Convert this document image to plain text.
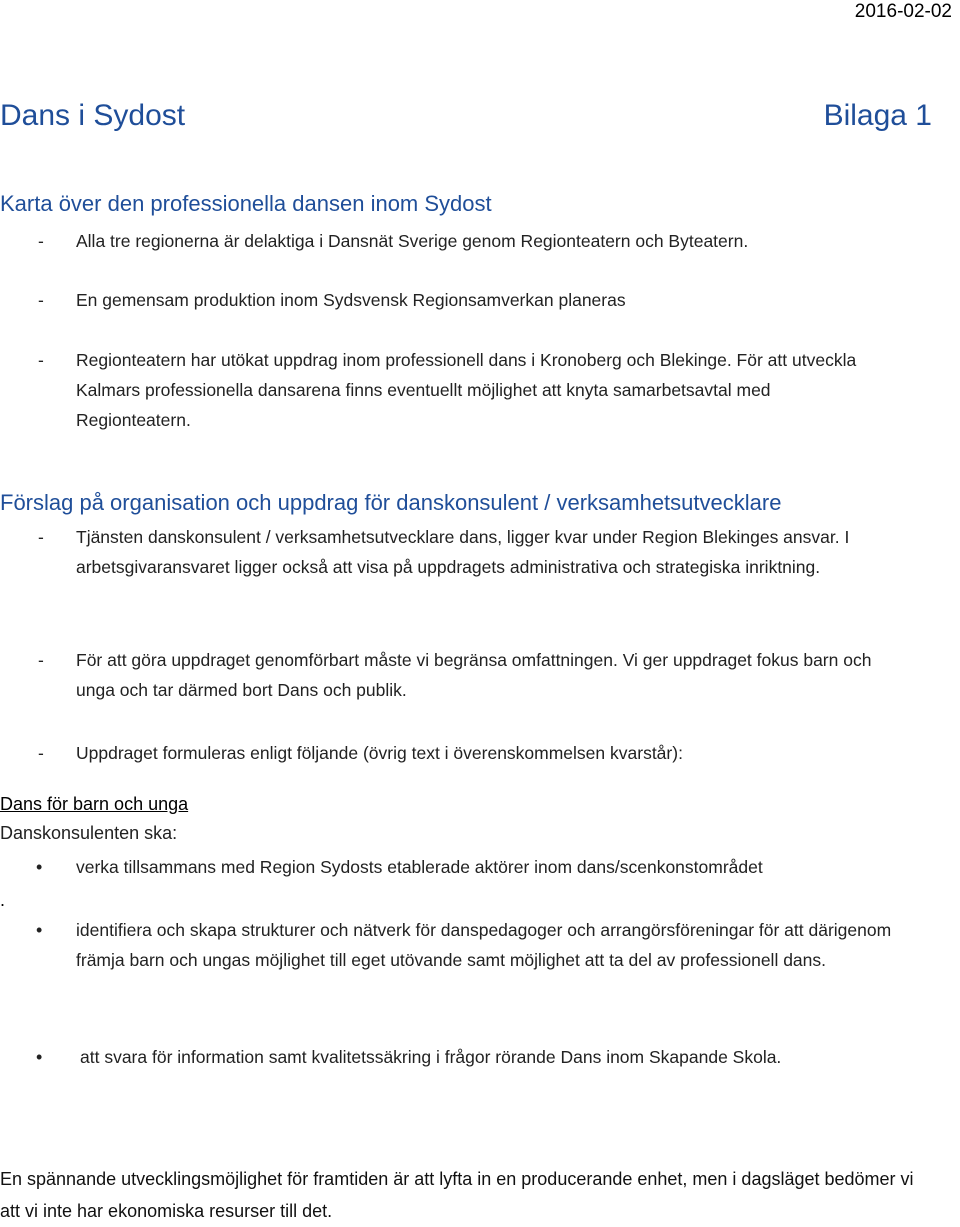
2016-02-02
Dans i Sydost	Bilaga 1
Karta över den professionella dansen inom Sydost
- Alla tre regionerna är delaktiga i Dansnät Sverige genom Regionteatern och Byteatern.
- En gemensam produktion inom Sydsvensk Regionsamverkan planeras
- Regionteatern har utökat uppdrag inom professionell dans i Kronoberg och Blekinge. För att utveckla Kalmars professionella dansarena finns eventuellt möjlighet att knyta samarbetsavtal med Regionteatern.
Förslag på organisation och uppdrag för danskonsulent / verksamhetsutvecklare
- Tjänsten danskonsulent / verksamhetsutvecklare dans, ligger kvar under Region Blekinges ansvar. I arbetsgivaransvaret ligger också att visa på uppdragets administrativa och strategiska inriktning.
- För att göra uppdraget genomförbart måste vi begränsa omfattningen. Vi ger uppdraget fokus barn och unga och tar därmed bort Dans och publik.
- Uppdraget formuleras enligt följande (övrig text i överenskommelsen kvarstår):
Dans för barn och unga
Danskonsulenten ska:
• verka tillsammans med Region Sydosts etablerade aktörer inom dans/scenkonstområdet
.
• identifiera och skapa strukturer och nätverk för danspedagoger och arrangörsföreningar för att därigenom främja barn och ungas möjlighet till eget utövande samt möjlighet att ta del av professionell dans.
• att svara för information samt kvalitetssäkring i frågor rörande Dans inom Skapande Skola.
En spännande utvecklingsmöjlighet för framtiden är att lyfta in en producerande enhet, men i dagsläget bedömer vi att vi inte har ekonomiska resurser till det.
